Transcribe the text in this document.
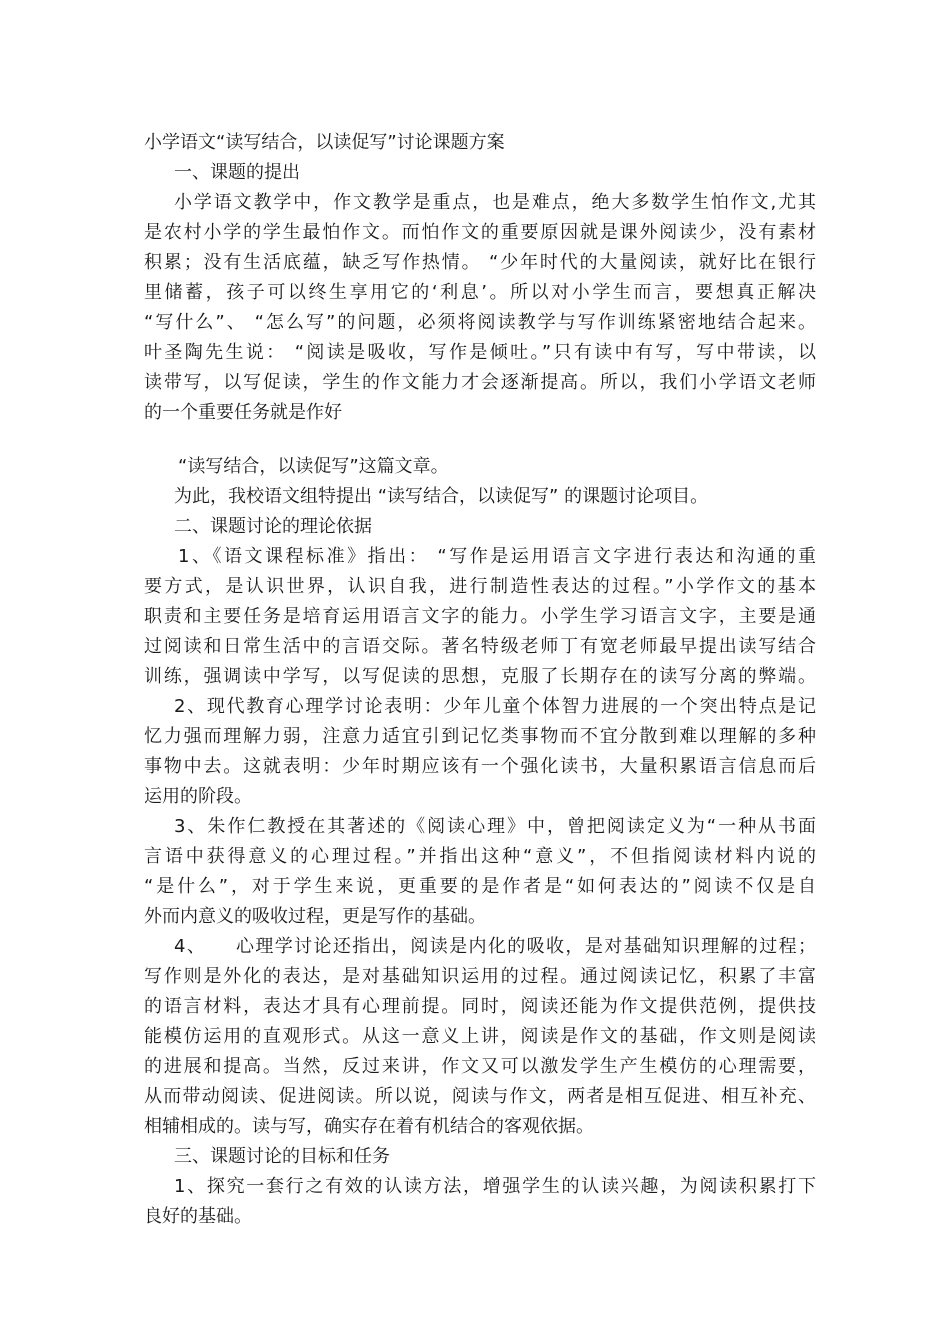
小学语文“读写结合，以读促写”讨论课题方案
一、课题的提出
小学语文教学中，作文教学是重点，也是难点，绝大多数学生怕作文,尤其
是农村小学的学生最怕作文。而怕作文的重要原因就是课外阅读少，没有素材
积累；没有生活底蕴，缺乏写作热情。 “少年时代的大量阅读，就好比在银行
里储蓄，孩子可以终生享用它的‘利息’。所以对小学生而言，要想真正解决
“写什么”、 “怎么写”的问题，必须将阅读教学与写作训练紧密地结合起来。
叶圣陶先生说： “阅读是吸收，写作是倾吐。”只有读中有写，写中带读，以
读带写，以写促读，学生的作文能力才会逐渐提高。所以，我们小学语文老师
的一个重要任务就是作好
“读写结合，以读促写”这篇文章。
为此，我校语文组特提出 “读写结合，以读促写” 的课题讨论项目。
二、课题讨论的理论依据
1、《语文课程标准》指出： “写作是运用语言文字进行表达和沟通的重
要方式，是认识世界，认识自我，进行制造性表达的过程。”小学作文的基本
职责和主要任务是培育运用语言文字的能力。小学生学习语言文字，主要是通
过阅读和日常生活中的言语交际。著名特级老师丁有宽老师最早提出读写结合
训练，强调读中学写，以写促读的思想，克服了长期存在的读写分离的弊端。
2、现代教育心理学讨论表明：少年儿童个体智力进展的一个突出特点是记
忆力强而理解力弱，注意力适宜引到记忆类事物而不宜分散到难以理解的多种
事物中去。这就表明：少年时期应该有一个强化读书，大量积累语言信息而后
运用的阶段。
3、朱作仁教授在其著述的《阅读心理》中，曾把阅读定义为“一种从书面
言语中获得意义的心理过程。”并指出这种“意义”，不但指阅读材料内说的
“是什么”，对于学生来说，更重要的是作者是“如何表达的”阅读不仅是自
外而内意义的吸收过程，更是写作的基础。
4、　　心理学讨论还指出，阅读是内化的吸收，是对基础知识理解的过程；
写作则是外化的表达，是对基础知识运用的过程。通过阅读记忆，积累了丰富
的语言材料，表达才具有心理前提。同时，阅读还能为作文提供范例，提供技
能模仿运用的直观形式。从这一意义上讲，阅读是作文的基础，作文则是阅读
的进展和提高。当然，反过来讲，作文又可以激发学生产生模仿的心理需要，
从而带动阅读、促进阅读。所以说，阅读与作文，两者是相互促进、相互补充、
相辅相成的。读与写，确实存在着有机结合的客观依据。
三、课题讨论的目标和任务
1、探究一套行之有效的认读方法，增强学生的认读兴趣，为阅读积累打下
良好的基础。
